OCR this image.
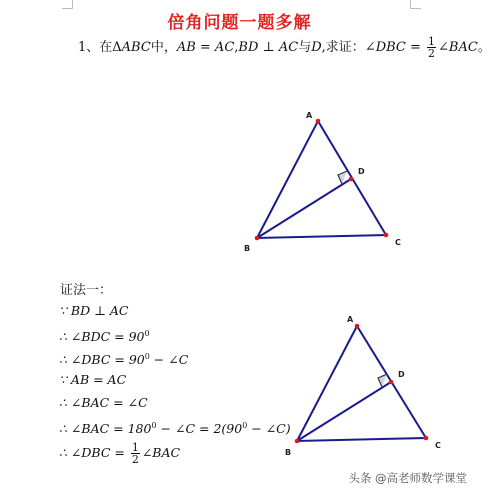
倍角问题一题多解
1、在ΔABC中，AB = AC,BD ⊥ AC与D,求证：∠DBC = $\frac{1}{2}$ ∠BAC。
A
B
C
D
A
B
C
D
证法一：
∵ BD ⊥ AC
∴ ∠BDC = $90^0$
∴ ∠DBC = $90^0$ − ∠C
∵ AB = AC
∴ ∠BAC = ∠C
∴ ∠BAC = $180^0$ − ∠C = $2(90^0$ − ∠C)
∴ ∠DBC = $\frac{1}{2}$ ∠BAC
头条 @高老师数学课堂
